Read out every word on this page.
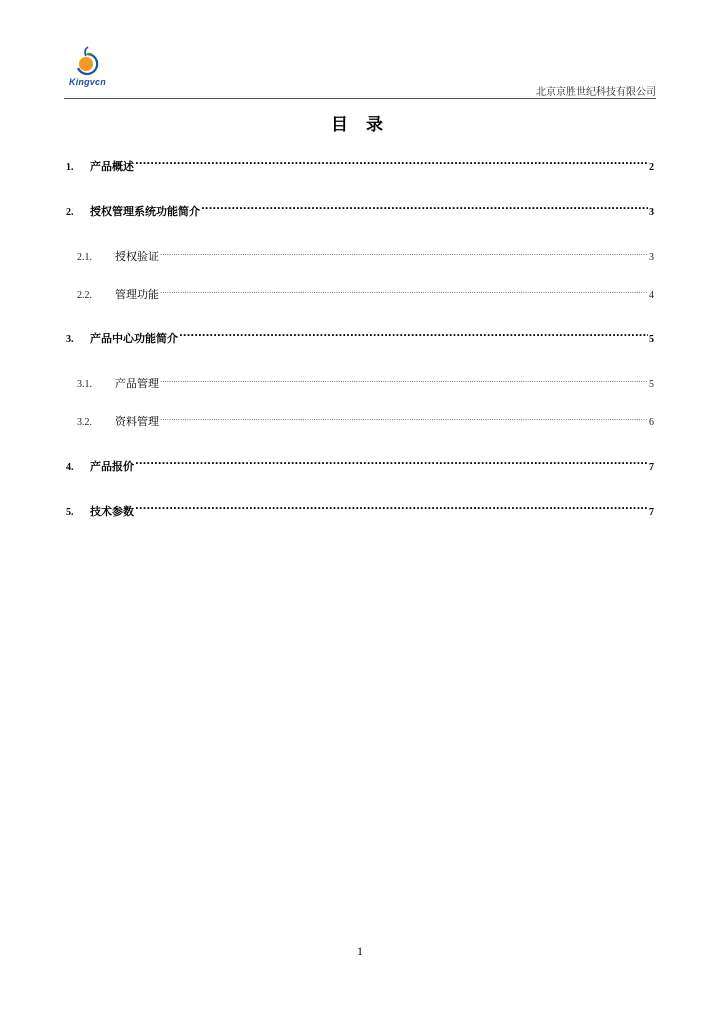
Kingvcn
北京京胜世纪科技有限公司
目 录
1.	产品概述 .....	2
2.	授权管理系统功能简介 .....	3
2.1.	授权验证 .....	3
2.2.	管理功能 .....	4
3.	产品中心功能简介 .....	5
3.1.	产品管理 .....	5
3.2.	资料管理 .....	6
4.	产品报价 .....	7
5.	技术参数 .....	7
1
